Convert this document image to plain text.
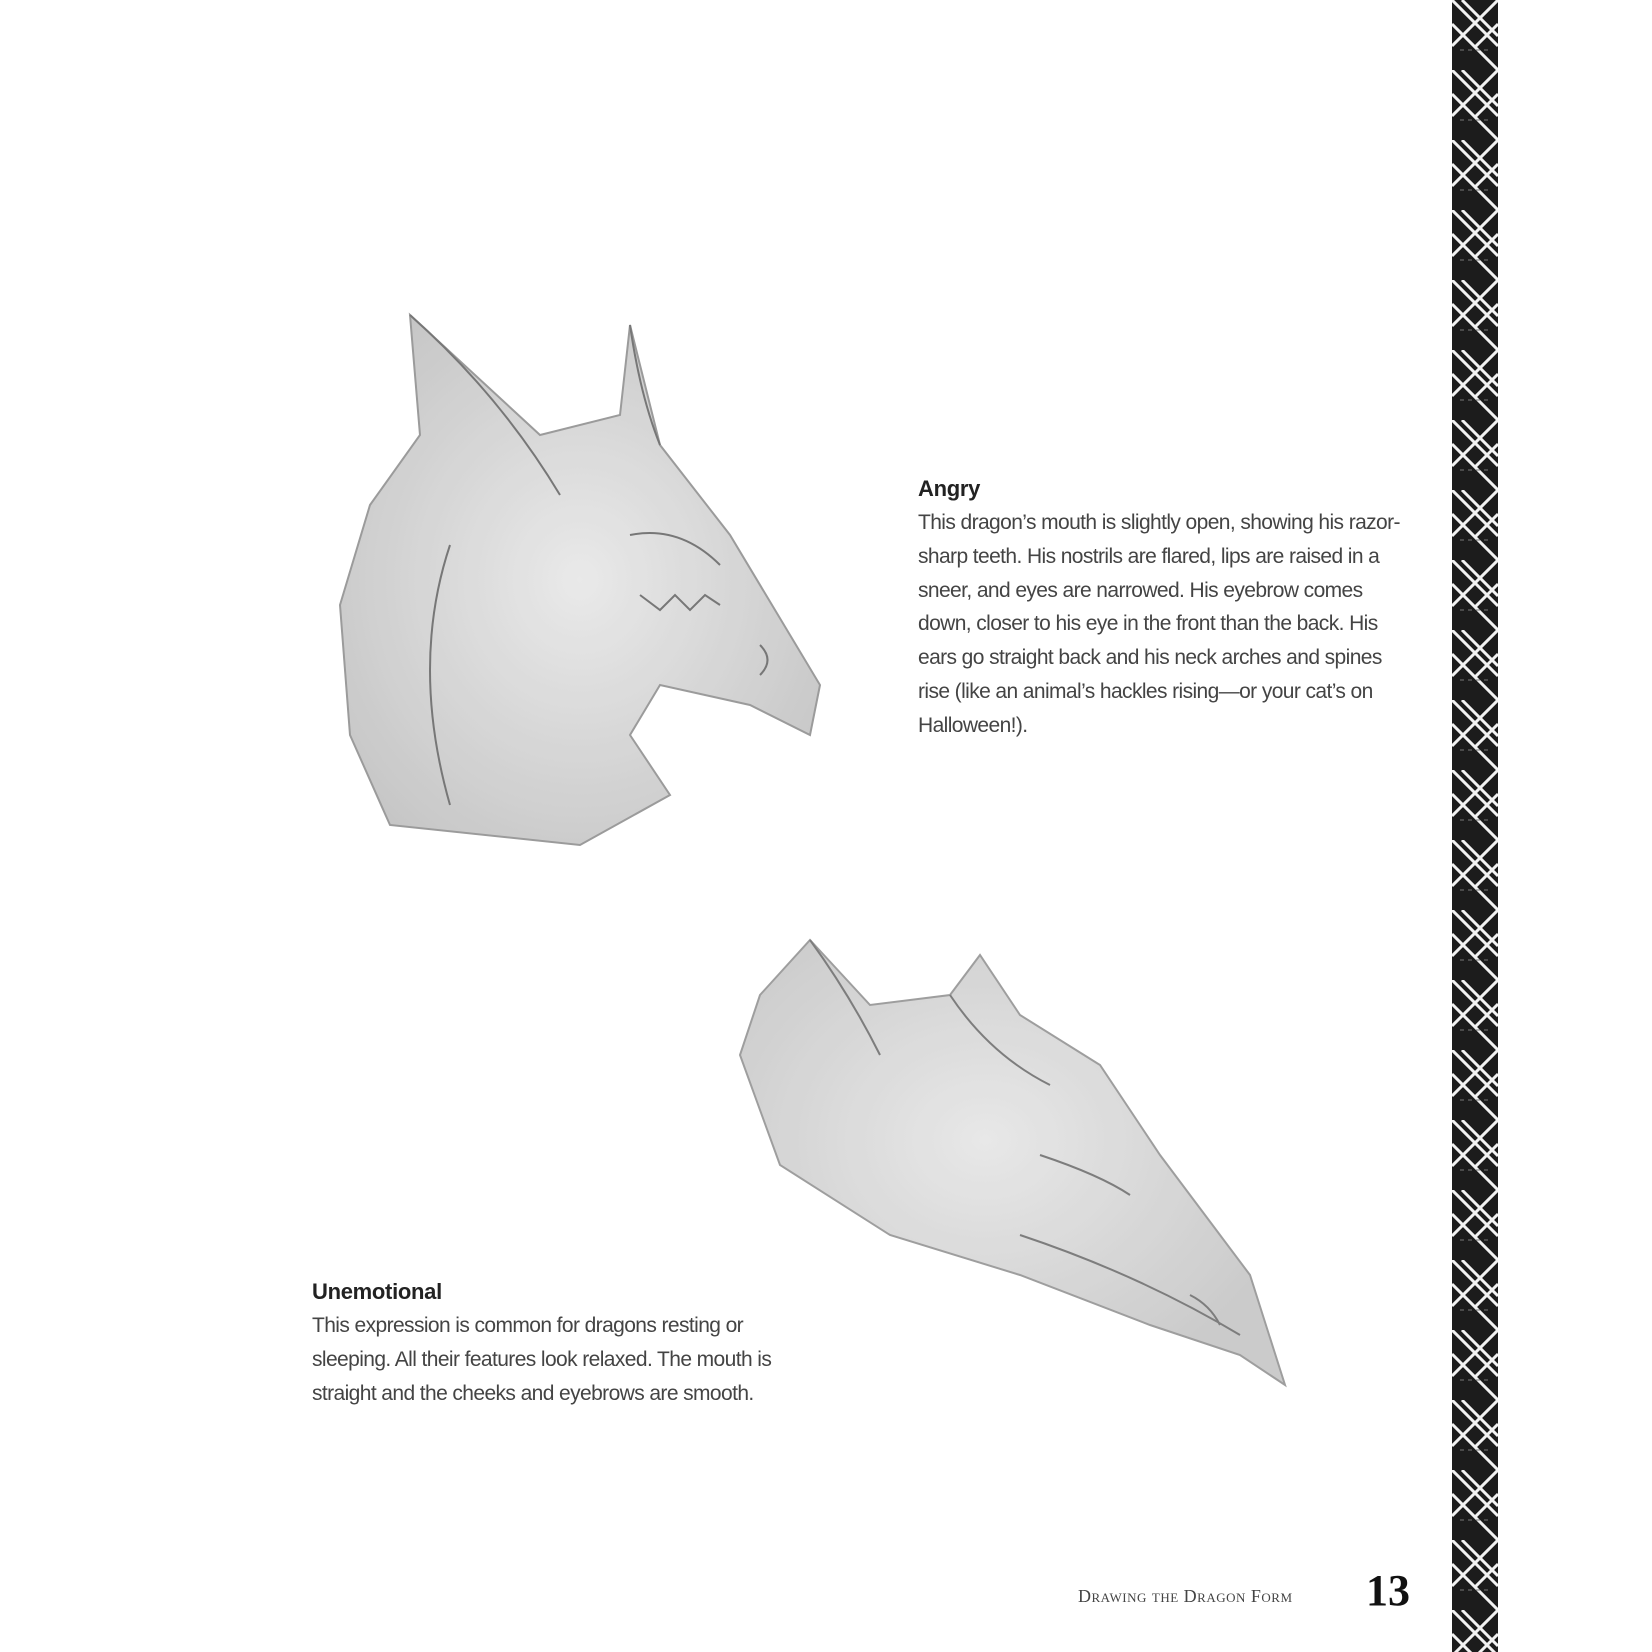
Angry

This dragon’s mouth is slightly open, showing his razor-sharp teeth. His nostrils are flared, lips are raised in a sneer, and eyes are narrowed. His eyebrow comes down, closer to his eye in the front than the back. His ears go straight back and his neck arches and spines rise (like an animal’s hackles rising—or your cat’s on Halloween!).

Unemotional

This expression is common for dragons resting or sleeping. All their features look relaxed. The mouth is straight and the cheeks and eyebrows are smooth.

Drawing the Dragon Form 13
